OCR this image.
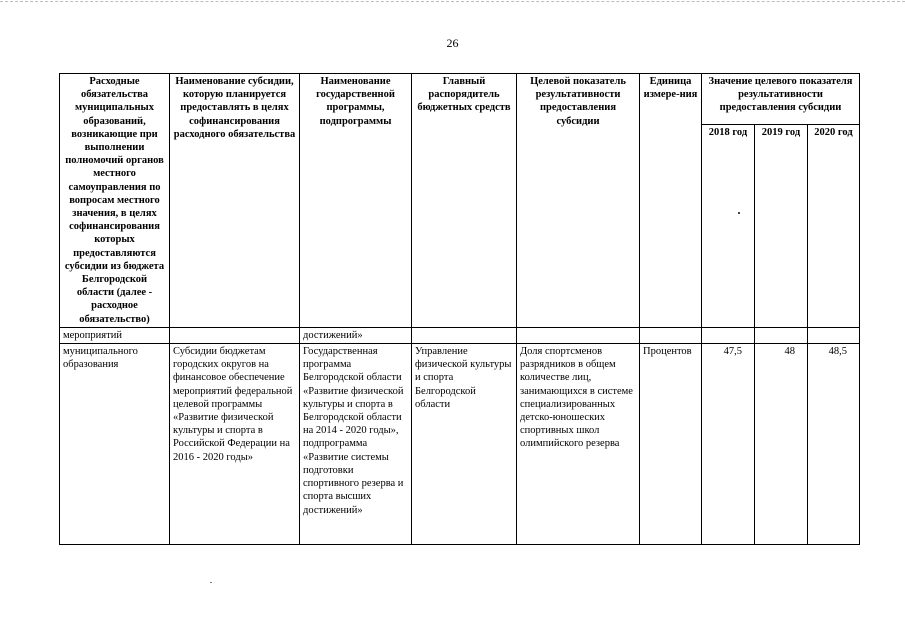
26
Расходные обязательства муниципальных образований, возникающие при выполнении полномочий органов местного самоуправления по вопросам местного значения, в целях софинансирования которых предоставляются субсидии из бюджета Белгородской области (далее - расходное обязательство)	Наименование субсидии, которую планируется предоставлять в целях софинансирования расходного обязательства	Наименование государственной программы, подпрограммы	Главный распорядитель бюджетных средств	Целевой показатель результативности предоставления субсидии	Единица измере-ния	Значение целевого показателя результативности предоставления субсидии		
						2018 год	2019 год	2020 год
мероприятий		достижений»						
муниципального образования	Субсидии бюджетам городских округов на финансовое обеспечение мероприятий федеральной целевой программы «Развитие физической культуры и спорта в Российской Федерации на 2016 - 2020 годы»	Государственная программа Белгородской области «Развитие физической культуры и спорта в Белгородской области на 2014 - 2020 годы», подпрограмма «Развитие системы подготовки спортивного резерва и спорта высших достижений»	Управление физической культуры и спорта Белгородской области	Доля спортсменов разрядников в общем количестве лиц, занимающихся в системе специализированных детско-юношеских спортивных школ олимпийского резерва	Процентов	47,5	48	48,5
